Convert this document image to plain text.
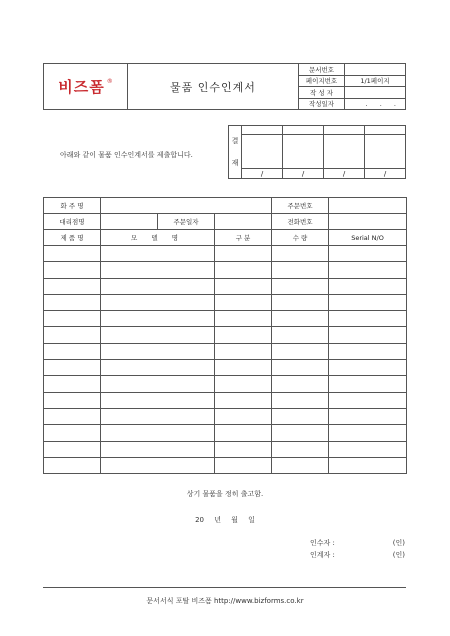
비즈폼 ®	물품 인수인계서	문서번호	
		페이지번호	1/1페이지
		작 성 자	
		작성일자	. . .
아래와 같이 물품 인수인계서를 제출합니다.
결
재				

	/	/	/	/
화 주 명				주문번호	
대리점명		주문일자		전화번호	
제 품 명	모 델 명		구 분	수 량	Serial N/O

상기 물품을 정히 출고함.
20 년 월 일
인수자 :	(인)
인계자 :	(인)
문서서식 포탈 비즈폼 http://www.bizforms.co.kr
